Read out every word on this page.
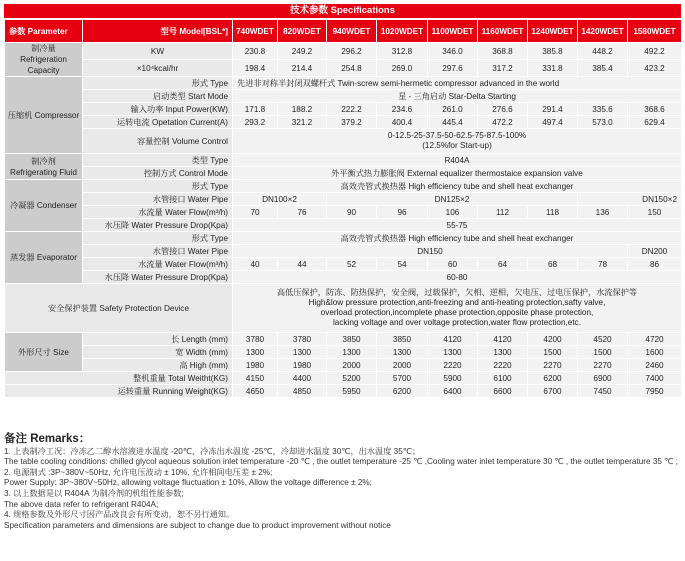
技术参数 Specifications
参数 Parameter	型号 Model[BSL*]	740WDET	820WDET	940WDET	1020WDET	1100WDET	1160WDET	1240WDET	1420WDET	1580WDET
制冷量 Refrigeration Capacity	KW	230.8	249.2	296.2	312.8	346.0	368.8	385.8	448.2	492.2
	×10⁴kcal/hr	198.4	214.4	254.8	269.0	297.6	317.2	331.8	385.4	423.2
压缩机 Compressor	形式 Type	先进非对称半封闭双螺杆式 Twin-screw semi-hermetic compressor advanced in the world								
	启动类型 Start Mode	星 - 三角启动 Star-Delta Starting								
	输入功率 Input Power(KW)	171.8	188.2	222.2	234.6	261.0	276.6	291.4	335.6	368.6
	运转电流 Opetation Current(A)	293.2	321.2	379.2	400.4	445.4	472.2	497.4	573.0	629.4
	容量控制 Volume Control	0-12.5-25-37.5-50-62.5-75-87.5-100%
(12.5%for Start-up)								

制冷剂 Refrigerating Fluid	类型 Type	R404A								
	控制方式 Control Mode	外平衡式热力膨胀阀 External equalizer thermostaice expansion valve								
冷凝器 Condenser	形式 Type	高效壳管式换热器 High efficiency tube and shell heat exchanger								
	水管接口 Water Pipe	DN100×2		DN125×2					DN150×2	
	水流量 Water Flow(m³/h)	70	76	90	96	106	112	118	136	150
	水压降 Water Pressure Drop(Kpa)	55-75								
蒸发器 Evaporator	形式 Type	高效壳管式换热器 High efficiency tube and shell heat exchanger								
	水管接口 Water Pipe	DN150								DN200
	水流量 Water Flow(m³/h)	40	44	52	54	60	64	68	78	86
	水压降 Water Pressure Drop(Kpa)	60-80								
安全保护装置 Safety Protection Device		高低压保护，防冻、防热保护，安全阀，过载保护，欠相、逆相，欠电压、过电压保护，水流保护等
High&low pressure protection,anti-freezing and anti-heating protection,safty valve,
overload protection,incomplete phase protection,opposite phase protection,
lacking voltage and over voltage protection,water flow protection,etc.								

外形尺寸 Size	长 Length (mm)	3780	3780	3850	3850	4120	4120	4200	4520	4720
	宽 Width (mm)	1300	1300	1300	1300	1300	1300	1500	1500	1600
	高 High (mm)	1980	1980	2000	2000	2220	2220	2270	2270	2460
整机重量 Total Weitht(KG)		4150	4400	5200	5700	5900	6100	6200	6900	7400
运转重量 Running Weight(KG)		4650	4850	5950	6200	6400	6600	6700	7450	7950
备注 Remarks：

1. 上表制冷工况：冷冻乙二醇水溶液进水温度 -20℃，冷冻出水温度 -25℃，冷却进水温度 30℃，出水温度 35℃；

The table cooling conditions: chilled glycol aqueous solution inlet temperature -20 ℃ , the outlet temperature -25 ℃ ,Cooling water inlet temperature 30 ℃ , the outlet temperature 35 ℃ ;

2. 电源制式 :3P~380V~50Hz, 允许电压波动 ± 10%, 允许相间电压差 ± 2%;

Power Supply: 3P~380V~50Hz, allowing voltage fluctuation ± 10%, Allow the voltage difference ± 2%;

3. 以上数据是以 R404A 为制冷剂的机组性能参数;

The above data refer to refrigerant R404A;

4. 规格参数及外形尺寸因产品改良会有所变动，恕不另行通知。

Specification parameters and dimensions are subject to change due to product improvement without notice
